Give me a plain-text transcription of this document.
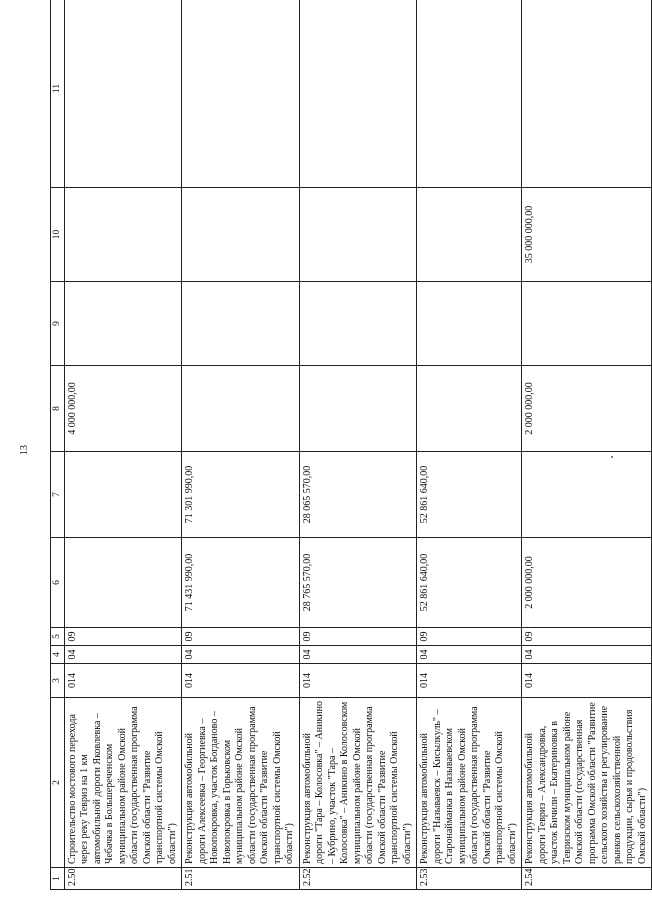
13
1	2	3	4	5	6	7	8	9	10	11
2.50	Строительство мостового перехода через реку Тевриз на 1 км автомобильной дороги Яковлевка – Чебачка в Большереченском муниципальном районе Омской области (государственная программа Омской области "Развитие транспортной системы Омской области")	014	04	09			4 000 000,00			
2.51	Реконструкция автомобильной дороги Алексеевка – Георгиевка – Новопокровка, участок Богданово – Новопокровка в Горьковском муниципальном районе Омской области (государственная программа Омской области "Развитие транспортной системы Омской области")	014	04	09	71 431 990,00	71 301 990,00				
2.52	Реконструкция автомобильной дороги "Тара – Колосовка" – Аникино – Кубрино, участок "Тара – Колосовка" – Аникино в Колосовском муниципальном районе Омской области (государственная программа Омской области "Развитие транспортной системы Омской области")	014	04	09	28 765 570,00	28 065 570,00				
2.53	Реконструкция автомобильной дороги "Называевск – Кисылкуль" – Старонайманка в Называевском муниципальном районе Омской области (государственная программа Омской области "Развитие транспортной системы Омской области")	014	04	09	52 861 640,00	52 861 640,00				
2.54	Реконструкция автомобильной дороги Тевриз – Александровка, участок Бичили – Екатериновка в Тевризском муниципальном районе Омской области (государственная программа Омской области "Развитие сельского хозяйства и регулирование рынков сельскохозяйственной продукции, сырья и продовольствия Омской области")	014	04	09	2 000 000,00		2 000 000,00		35 000 000,00	
